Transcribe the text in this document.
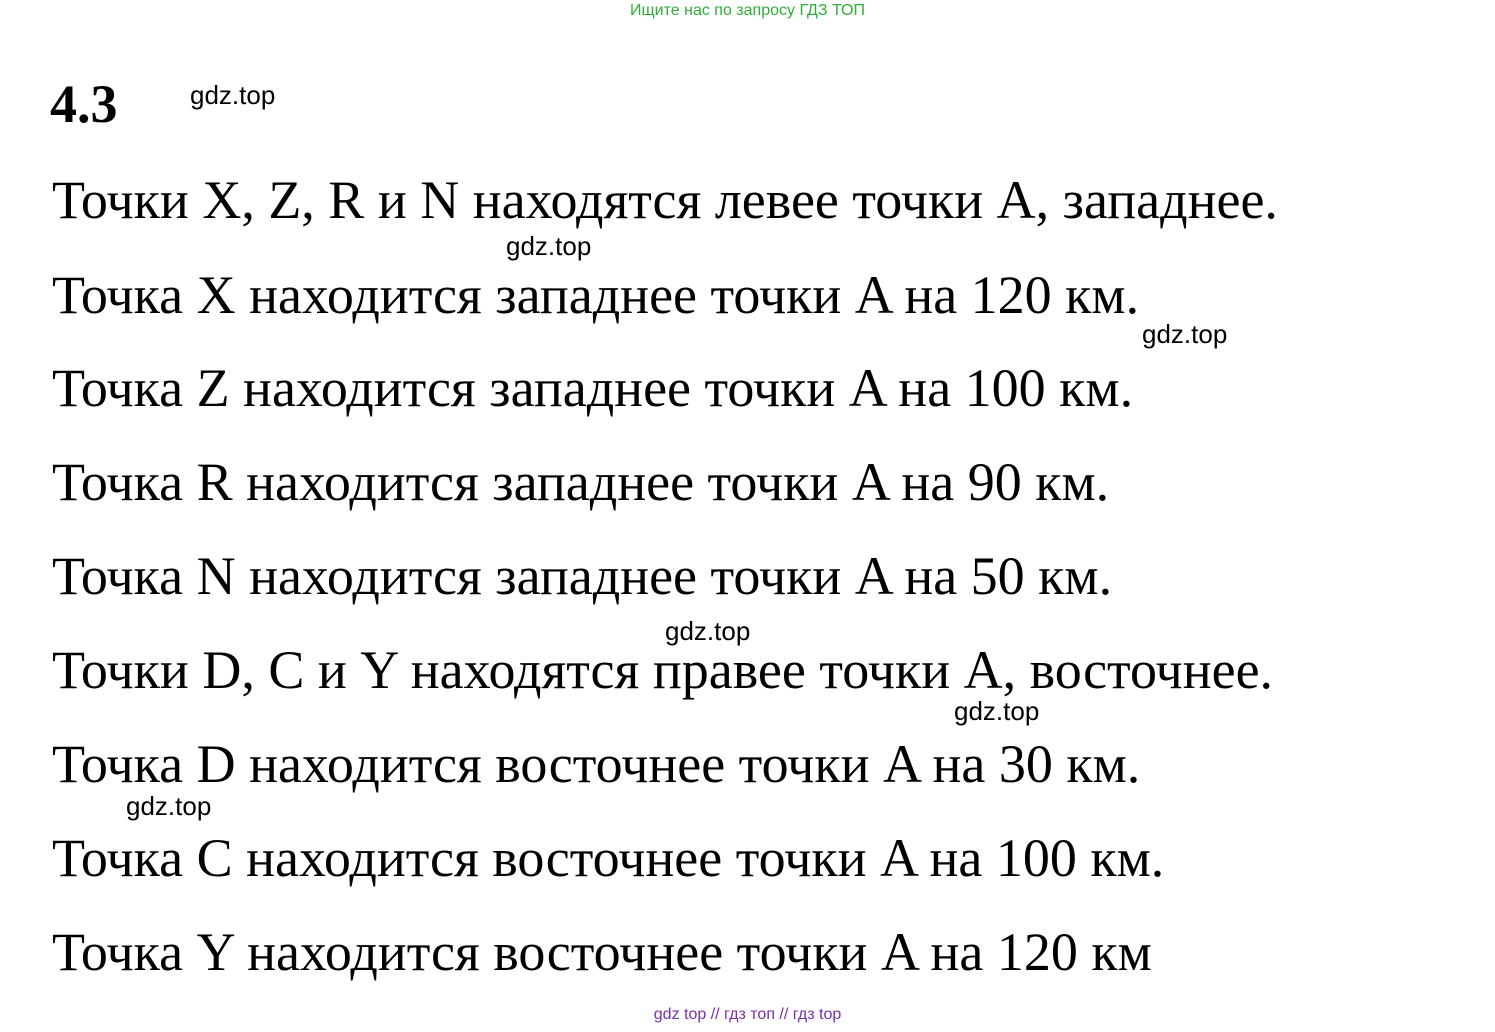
Ищите нас по запросу ГДЗ ТОП
4.3	gdz.top
Точки X, Z, R и N находятся левее точки A, западнее.
gdz.top
Точка X находится западнее точки A на 120 км.
gdz.top
Точка Z находится западнее точки A на 100 км.
Точка R находится западнее точки A на 90 км.
Точка N находится западнее точки A на 50 км.
gdz.top
Точки D, C и Y находятся правее точки A, восточнее.
gdz.top
Точка D находится восточнее точки A на 30 км.
gdz.top
Точка C находится восточнее точки A на 100 км.
Точка Y находится восточнее точки A на 120 км
gdz top // гдз топ // гдз top
